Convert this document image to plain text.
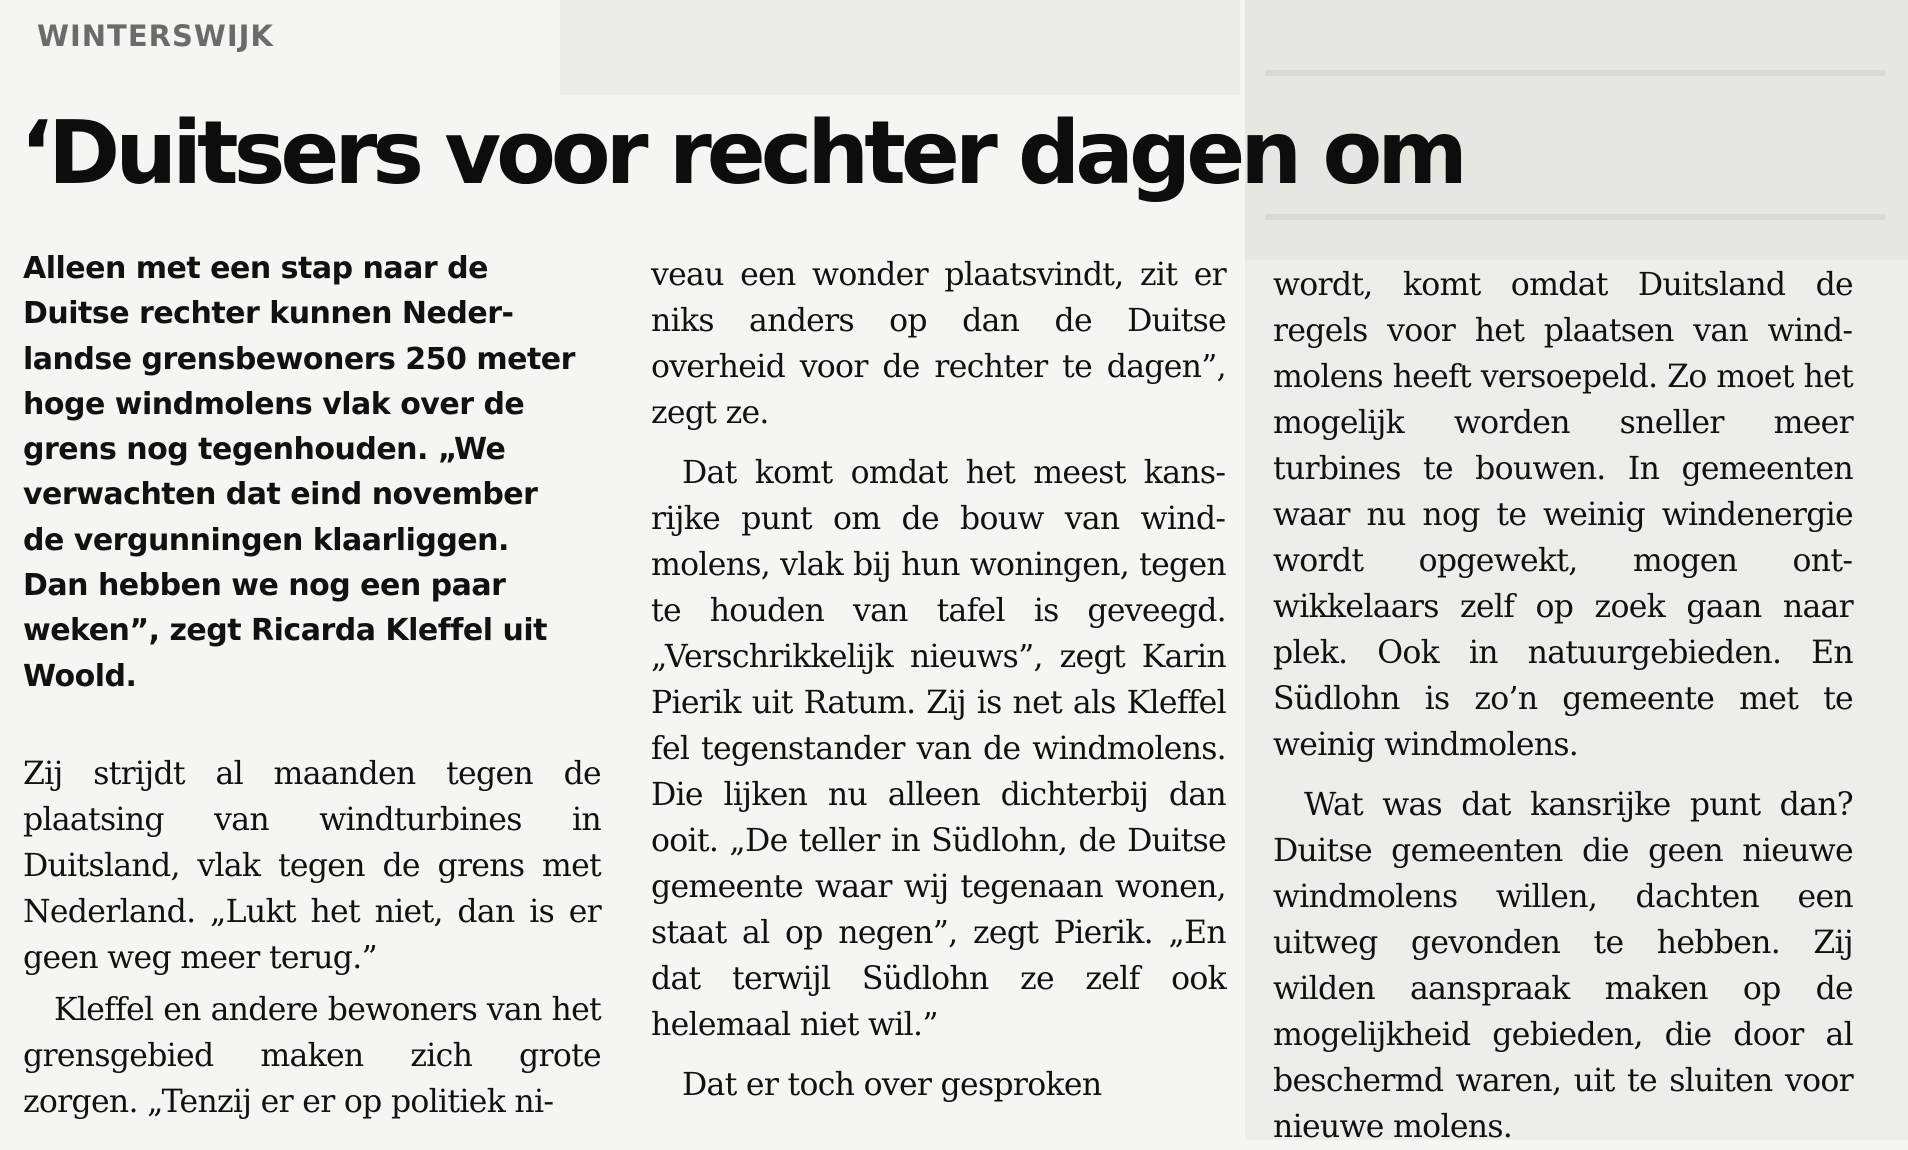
WINTERSWIJK
‘Duitsers voor rechter dagen om

Alleen met een stap naar de Duitse rechter kunnen Nederlandse grensbewoners 250 meter hoge windmolens vlak over de grens nog tegenhouden. „We verwachten dat eind november de vergunningen klaarliggen. Dan hebben we nog een paar weken”, zegt Ricarda Kleffel uit Woold.

Zij strijdt al maanden tegen de plaatsing van windturbines in Duitsland, vlak tegen de grens met Nederland. „Lukt het niet, dan is er geen weg meer terug.”

Kleffel en andere bewoners van het grensgebied maken zich grote zorgen. „Tenzij er er op politiek ni-

veau een wonder plaatsvindt, zit er niks anders op dan de Duitse overheid voor de rechter te dagen”, zegt ze.

Dat komt omdat het meest kansrijke punt om de bouw van windmolens, vlak bij hun woningen, tegen te houden van tafel is geveegd. „Verschrikkelijk nieuws”, zegt Karin Pierik uit Ratum. Zij is net als Kleffel fel tegenstander van de windmolens. Die lijken nu alleen dichterbij dan ooit. „De teller in Südlohn, de Duitse gemeente waar wij tegenaan wonen, staat al op negen”, zegt Pierik. „En dat terwijl Südlohn ze zelf ook helemaal niet wil.”

Dat er toch over gesproken

wordt, komt omdat Duitsland de regels voor het plaatsen van windmolens heeft versoepeld. Zo moet het mogelijk worden sneller meer turbines te bouwen. In gemeenten waar nu nog te weinig windenergie wordt opgewekt, mogen ontwikkelaars zelf op zoek gaan naar plek. Ook in natuurgebieden. En Südlohn is zo’n gemeente met te weinig windmolens.

Wat was dat kansrijke punt dan? Duitse gemeenten die geen nieuwe windmolens willen, dachten een uitweg gevonden te hebben. Zij wilden aanspraak maken op de mogelijkheid gebieden, die door al beschermd waren, uit te sluiten voor nieuwe molens.
